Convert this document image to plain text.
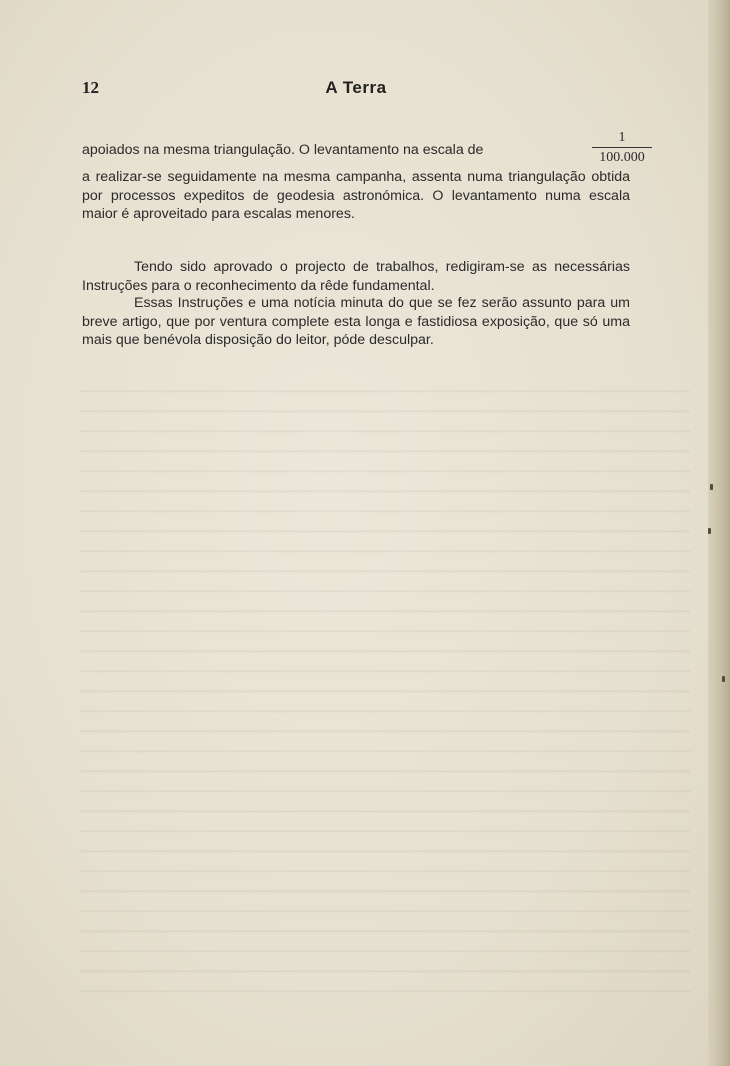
12	A Terra
apoiados na mesma triangulação. O levantamento na escala de	$\frac{1}{100.000}$
a realizar-se seguidamente na mesma campanha, assenta numa triangulação obtida por processos expeditos de geodesia astronómica. O levantamento numa escala maior é aproveitado para escalas menores.
Tendo sido aprovado o projecto de trabalhos, redigiram-se as necessárias Instruções para o reconhecimento da rêde fundamental.
Essas Instruções e uma notícia minuta do que se fez serão assunto para um breve artigo, que por ventura complete esta longa e fastidiosa exposição, que só uma mais que benévola disposição do leitor, póde desculpar.
